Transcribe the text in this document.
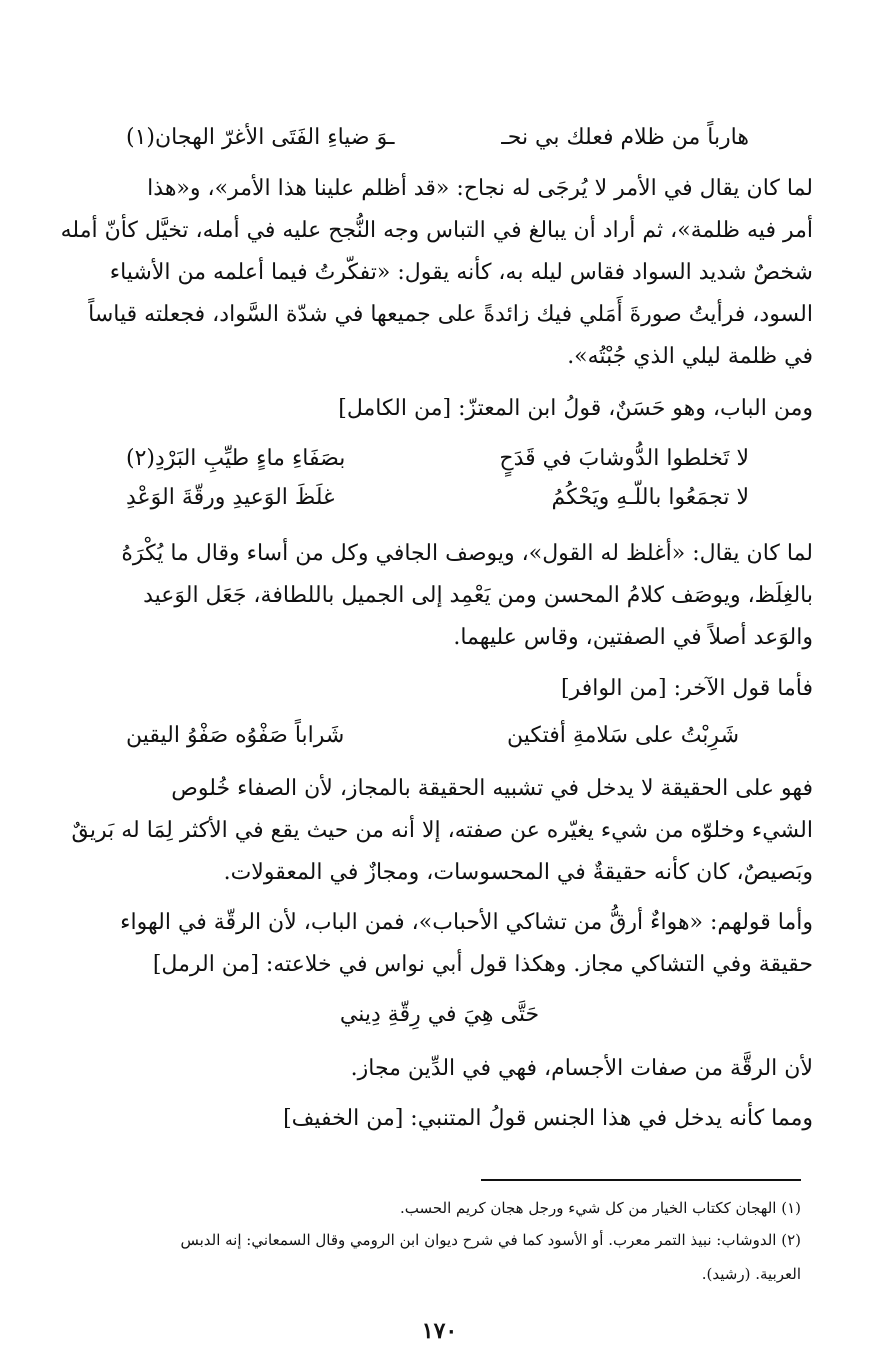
هارباً من ظلام فعلك بي نحـ
ـوَ ضياءِ الفَتَى الأغرّ الهجان(١)
لما كان يقال في الأمر لا يُرجَى له نجاح: «قد أظلم علينا هذا الأمر»، و«هذا
أمر فيه ظلمة»، ثم أراد أن يبالغ في التباس وجه النُّجح عليه في أمله، تخيَّل كأنّ أمله
شخصٌ شديد السواد فقاس ليله به، كأنه يقول: «تفكّرتُ فيما أعلمه من الأشياء
السود، فرأيتُ صورةَ أَمَلي فيك زائدةً على جميعها في شدّة السَّواد، فجعلته قياساً
في ظلمة ليلي الذي جُبْتُه».
ومن الباب، وهو حَسَنٌ، قولُ ابن المعتزّ: [من الكامل]
لا تَخلطوا الدُّوشابَ في قَدَحٍ
بصَفَاءِ ماءٍ طيِّبِ البَرْدِ(٢)
لا تجمَعُوا باللّـهِ ويَحْكُمُ
غلَظَ الوَعيدِ ورقّةَ الوَعْدِ
لما كان يقال: «أغلظ له القول»، ويوصف الجافي وكل من أساء وقال ما يُكْرَهُ
بالغِلَظ، ويوصَف كلامُ المحسن ومن يَعْمِد إلى الجميل باللطافة، جَعَل الوَعيد
والوَعد أصلاً في الصفتين، وقاس عليهما.
فأما قول الآخر: [من الوافر]
شَرِبْتُ على سَلامةِ أفتكين
شَراباً صَفْوُه صَفْوُ اليقين
فهو على الحقيقة لا يدخل في تشبيه الحقيقة بالمجاز، لأن الصفاء خُلوص
الشيء وخلوّه من شيء يغيّره عن صفته، إلا أنه من حيث يقع في الأكثر لِمَا له بَريقٌ
وبَصيصٌ، كان كأنه حقيقةٌ في المحسوسات، ومجازٌ في المعقولات.
وأما قولهم: «هواءٌ أرقُّ من تشاكي الأحباب»، فمن الباب، لأن الرقّة في الهواء
حقيقة وفي التشاكي مجاز. وهكذا قول أبي نواس في خلاعته: [من الرمل]
حَتَّى هِيَ في رِقّةِ دِيني
لأن الرقَّة من صفات الأجسام، فهي في الدِّين مجاز.
ومما كأنه يدخل في هذا الجنس قولُ المتنبي: [من الخفيف]
(١) الهجان ككتاب الخيار من كل شيء ورجل هجان كريم الحسب.
(٢) الدوشاب: نبيذ التمر معرب. أو الأسود كما في شرح ديوان ابن الرومي وقال السمعاني: إنه الدبس
العربية. (رشيد).
١٧٠
